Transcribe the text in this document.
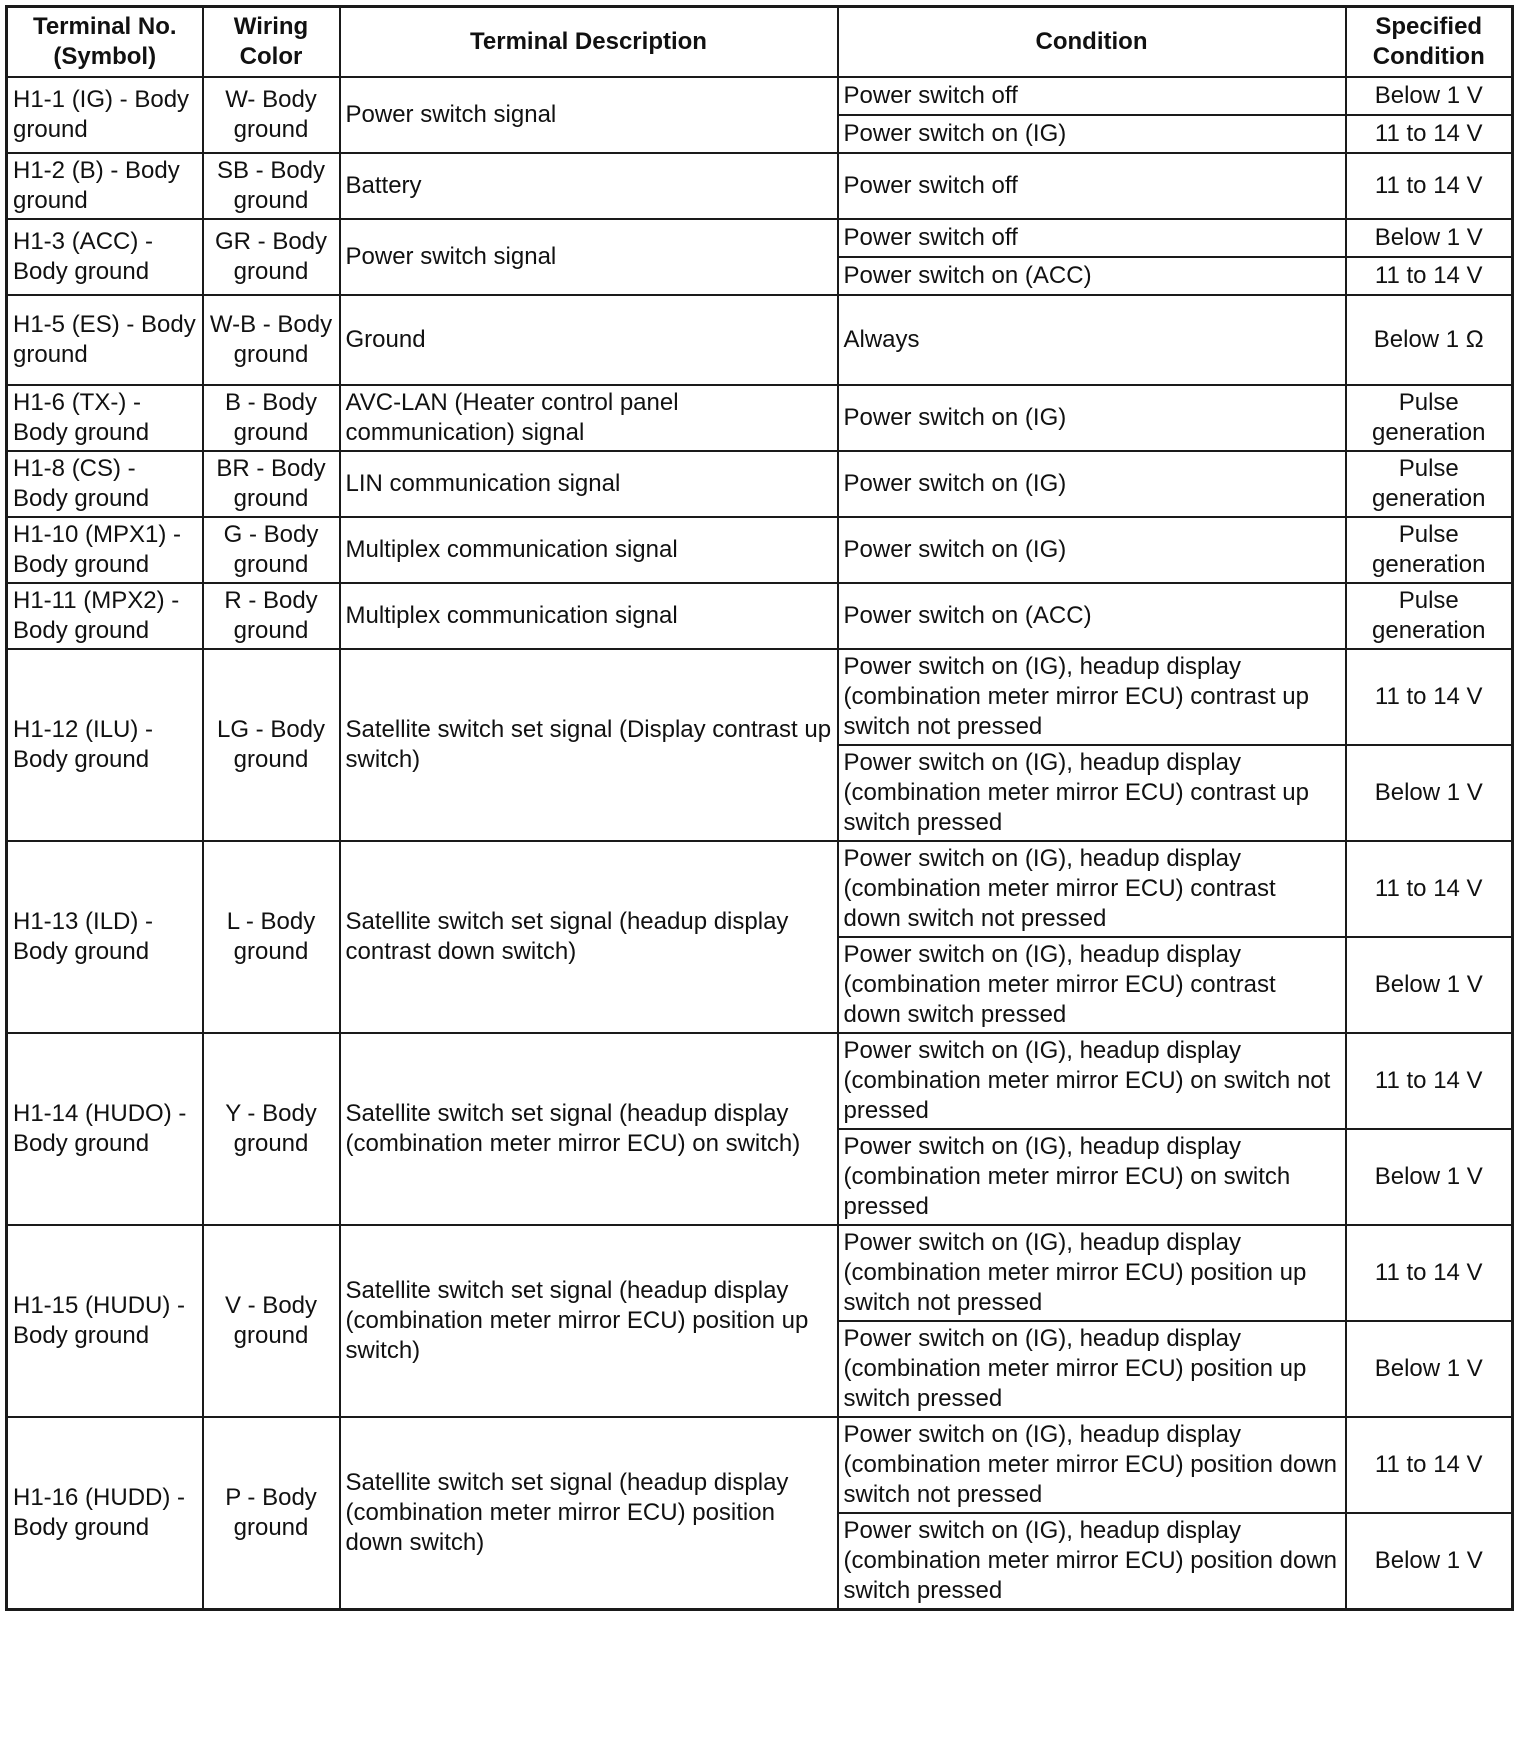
Terminal No. (Symbol)	Wiring Color	Terminal Description	Condition	Specified Condition
H1-1 (IG) - Body ground	W- Body ground	Power switch signal	Power switch off	Below 1 V
			Power switch on (IG)	11 to 14 V
H1-2 (B) - Body ground	SB - Body ground	Battery	Power switch off	11 to 14 V
H1-3 (ACC) - Body ground	GR - Body ground	Power switch signal	Power switch off	Below 1 V
			Power switch on (ACC)	11 to 14 V
H1-5 (ES) - Body ground	W-B - Body ground	Ground	Always	Below 1 Ω
H1-6 (TX-) - Body ground	B - Body ground	AVC-LAN (Heater control panel communication) signal	Power switch on (IG)	Pulse generation
H1-8 (CS) - Body ground	BR - Body ground	LIN communication signal	Power switch on (IG)	Pulse generation
H1-10 (MPX1) - Body ground	G - Body ground	Multiplex communication signal	Power switch on (IG)	Pulse generation
H1-11 (MPX2) - Body ground	R - Body ground	Multiplex communication signal	Power switch on (ACC)	Pulse generation
H1-12 (ILU) - Body ground	LG - Body ground	Satellite switch set signal (Display contrast up switch)	Power switch on (IG), headup display (combination meter mirror ECU) contrast up switch not pressed	11 to 14 V
			Power switch on (IG), headup display (combination meter mirror ECU) contrast up switch pressed	Below 1 V
H1-13 (ILD) - Body ground	L - Body ground	Satellite switch set signal (headup display contrast down switch)	Power switch on (IG), headup display (combination meter mirror ECU) contrast down switch not pressed	11 to 14 V
			Power switch on (IG), headup display (combination meter mirror ECU) contrast down switch pressed	Below 1 V
H1-14 (HUDO) - Body ground	Y - Body ground	Satellite switch set signal (headup display (combination meter mirror ECU) on switch)	Power switch on (IG), headup display (combination meter mirror ECU) on switch not pressed	11 to 14 V
			Power switch on (IG), headup display (combination meter mirror ECU) on switch pressed	Below 1 V
H1-15 (HUDU) - Body ground	V - Body ground	Satellite switch set signal (headup display (combination meter mirror ECU) position up switch)	Power switch on (IG), headup display (combination meter mirror ECU) position up switch not pressed	11 to 14 V
			Power switch on (IG), headup display (combination meter mirror ECU) position up switch pressed	Below 1 V
H1-16 (HUDD) - Body ground	P - Body ground	Satellite switch set signal (headup display (combination meter mirror ECU) position down switch)	Power switch on (IG), headup display (combination meter mirror ECU) position down switch not pressed	11 to 14 V
			Power switch on (IG), headup display (combination meter mirror ECU) position down switch pressed	Below 1 V
